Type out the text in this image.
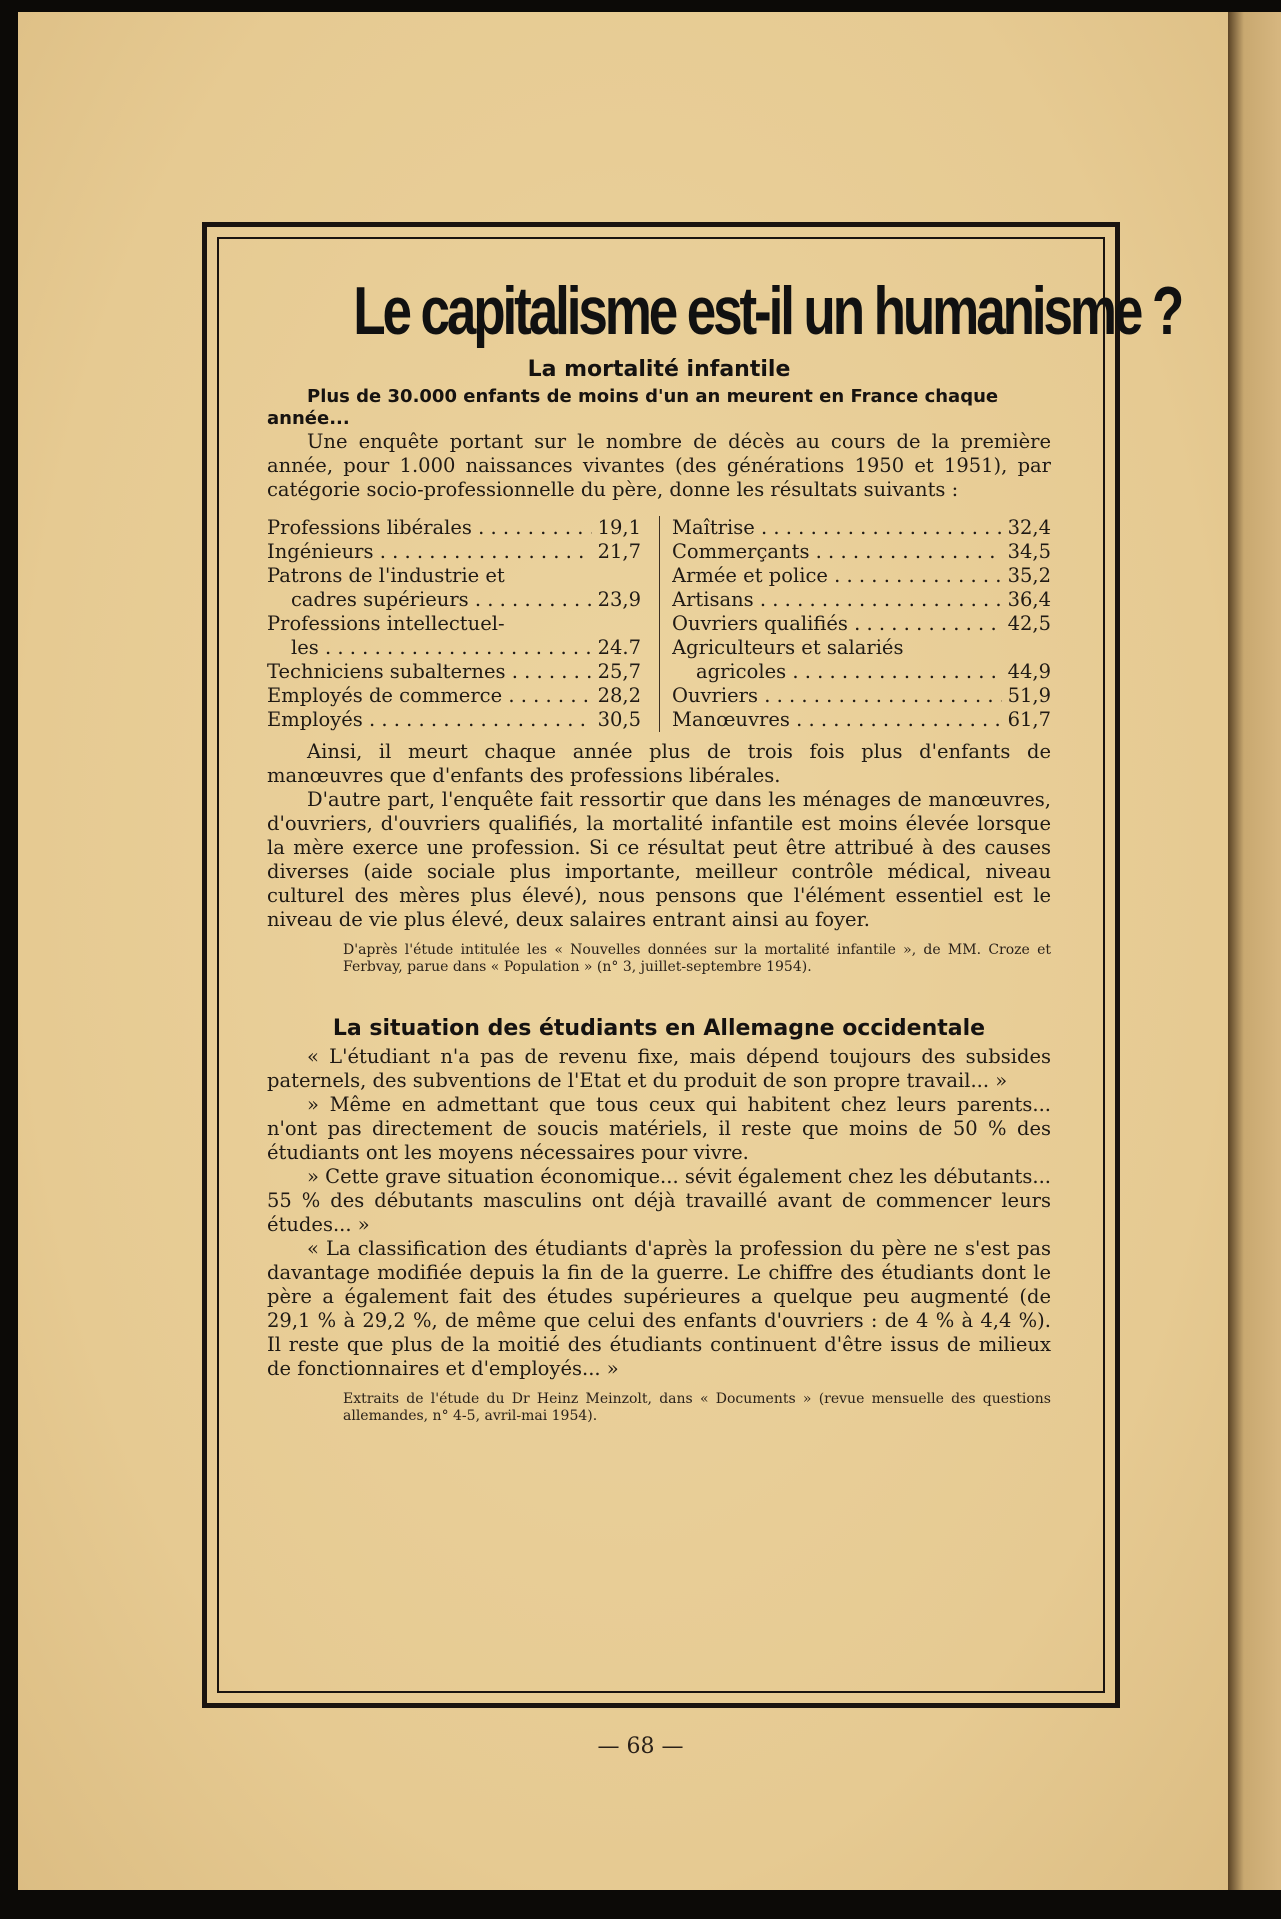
Le capitalisme est-il un humanisme ?
La mortalité infantile

Plus de 30.000 enfants de moins d'un an meurent en France chaque année...

Une enquête portant sur le nombre de décès au cours de la première année, pour 1.000 naissances vivantes (des générations 1950 et 1951), par catégorie socio-professionnelle du père, donne les résultats suivants :

Professions libérales . . .	19,1
Ingénieurs . . .	21,7
Patrons de l'industrie et
cadres supérieurs . . .	23,9
Professions intellectuel-
les . . .	24.7
Techniciens subalternes . . .	25,7
Employés de commerce . . .	28,2
Employés . . .	30,5
Maîtrise . . .	32,4
Commerçants . . .	34,5
Armée et police . . .	35,2
Artisans . . .	36,4
Ouvriers qualifiés . . .	42,5
Agriculteurs et salariés
agricoles . . .	44,9
Ouvriers . . .	51,9
Manœuvres . . .	61,7

Ainsi, il meurt chaque année plus de trois fois plus d'enfants de manœuvres que d'enfants des professions libérales.

D'autre part, l'enquête fait ressortir que dans les ménages de manœuvres, d'ouvriers, d'ouvriers qualifiés, la mortalité infantile est moins élevée lorsque la mère exerce une profession. Si ce résultat peut être attribué à des causes diverses (aide sociale plus importante, meilleur contrôle médical, niveau culturel des mères plus élevé), nous pensons que l'élément essentiel est le niveau de vie plus élevé, deux salaires entrant ainsi au foyer.

D'après l'étude intitulée les « Nouvelles données sur la mortalité infantile », de MM. Croze et Ferbvay, parue dans « Population » (n° 3, juillet-septembre 1954).

La situation des étudiants en Allemagne occidentale

« L'étudiant n'a pas de revenu fixe, mais dépend toujours des subsides paternels, des subventions de l'Etat et du produit de son propre travail... »

» Même en admettant que tous ceux qui habitent chez leurs parents... n'ont pas directement de soucis matériels, il reste que moins de 50 % des étudiants ont les moyens nécessaires pour vivre.

» Cette grave situation économique... sévit également chez les débutants... 55 % des débutants masculins ont déjà travaillé avant de commencer leurs études... »

« La classification des étudiants d'après la profession du père ne s'est pas davantage modifiée depuis la fin de la guerre. Le chiffre des étudiants dont le père a également fait des études supérieures a quelque peu augmenté (de 29,1 % à 29,2 %, de même que celui des enfants d'ouvriers : de 4 % à 4,4 %). Il reste que plus de la moitié des étudiants continuent d'être issus de milieux de fonctionnaires et d'employés... »

Extraits de l'étude du Dr Heinz Meinzolt, dans « Documents » (revue mensuelle des questions allemandes, n° 4-5, avril-mai 1954).

— 68 —
